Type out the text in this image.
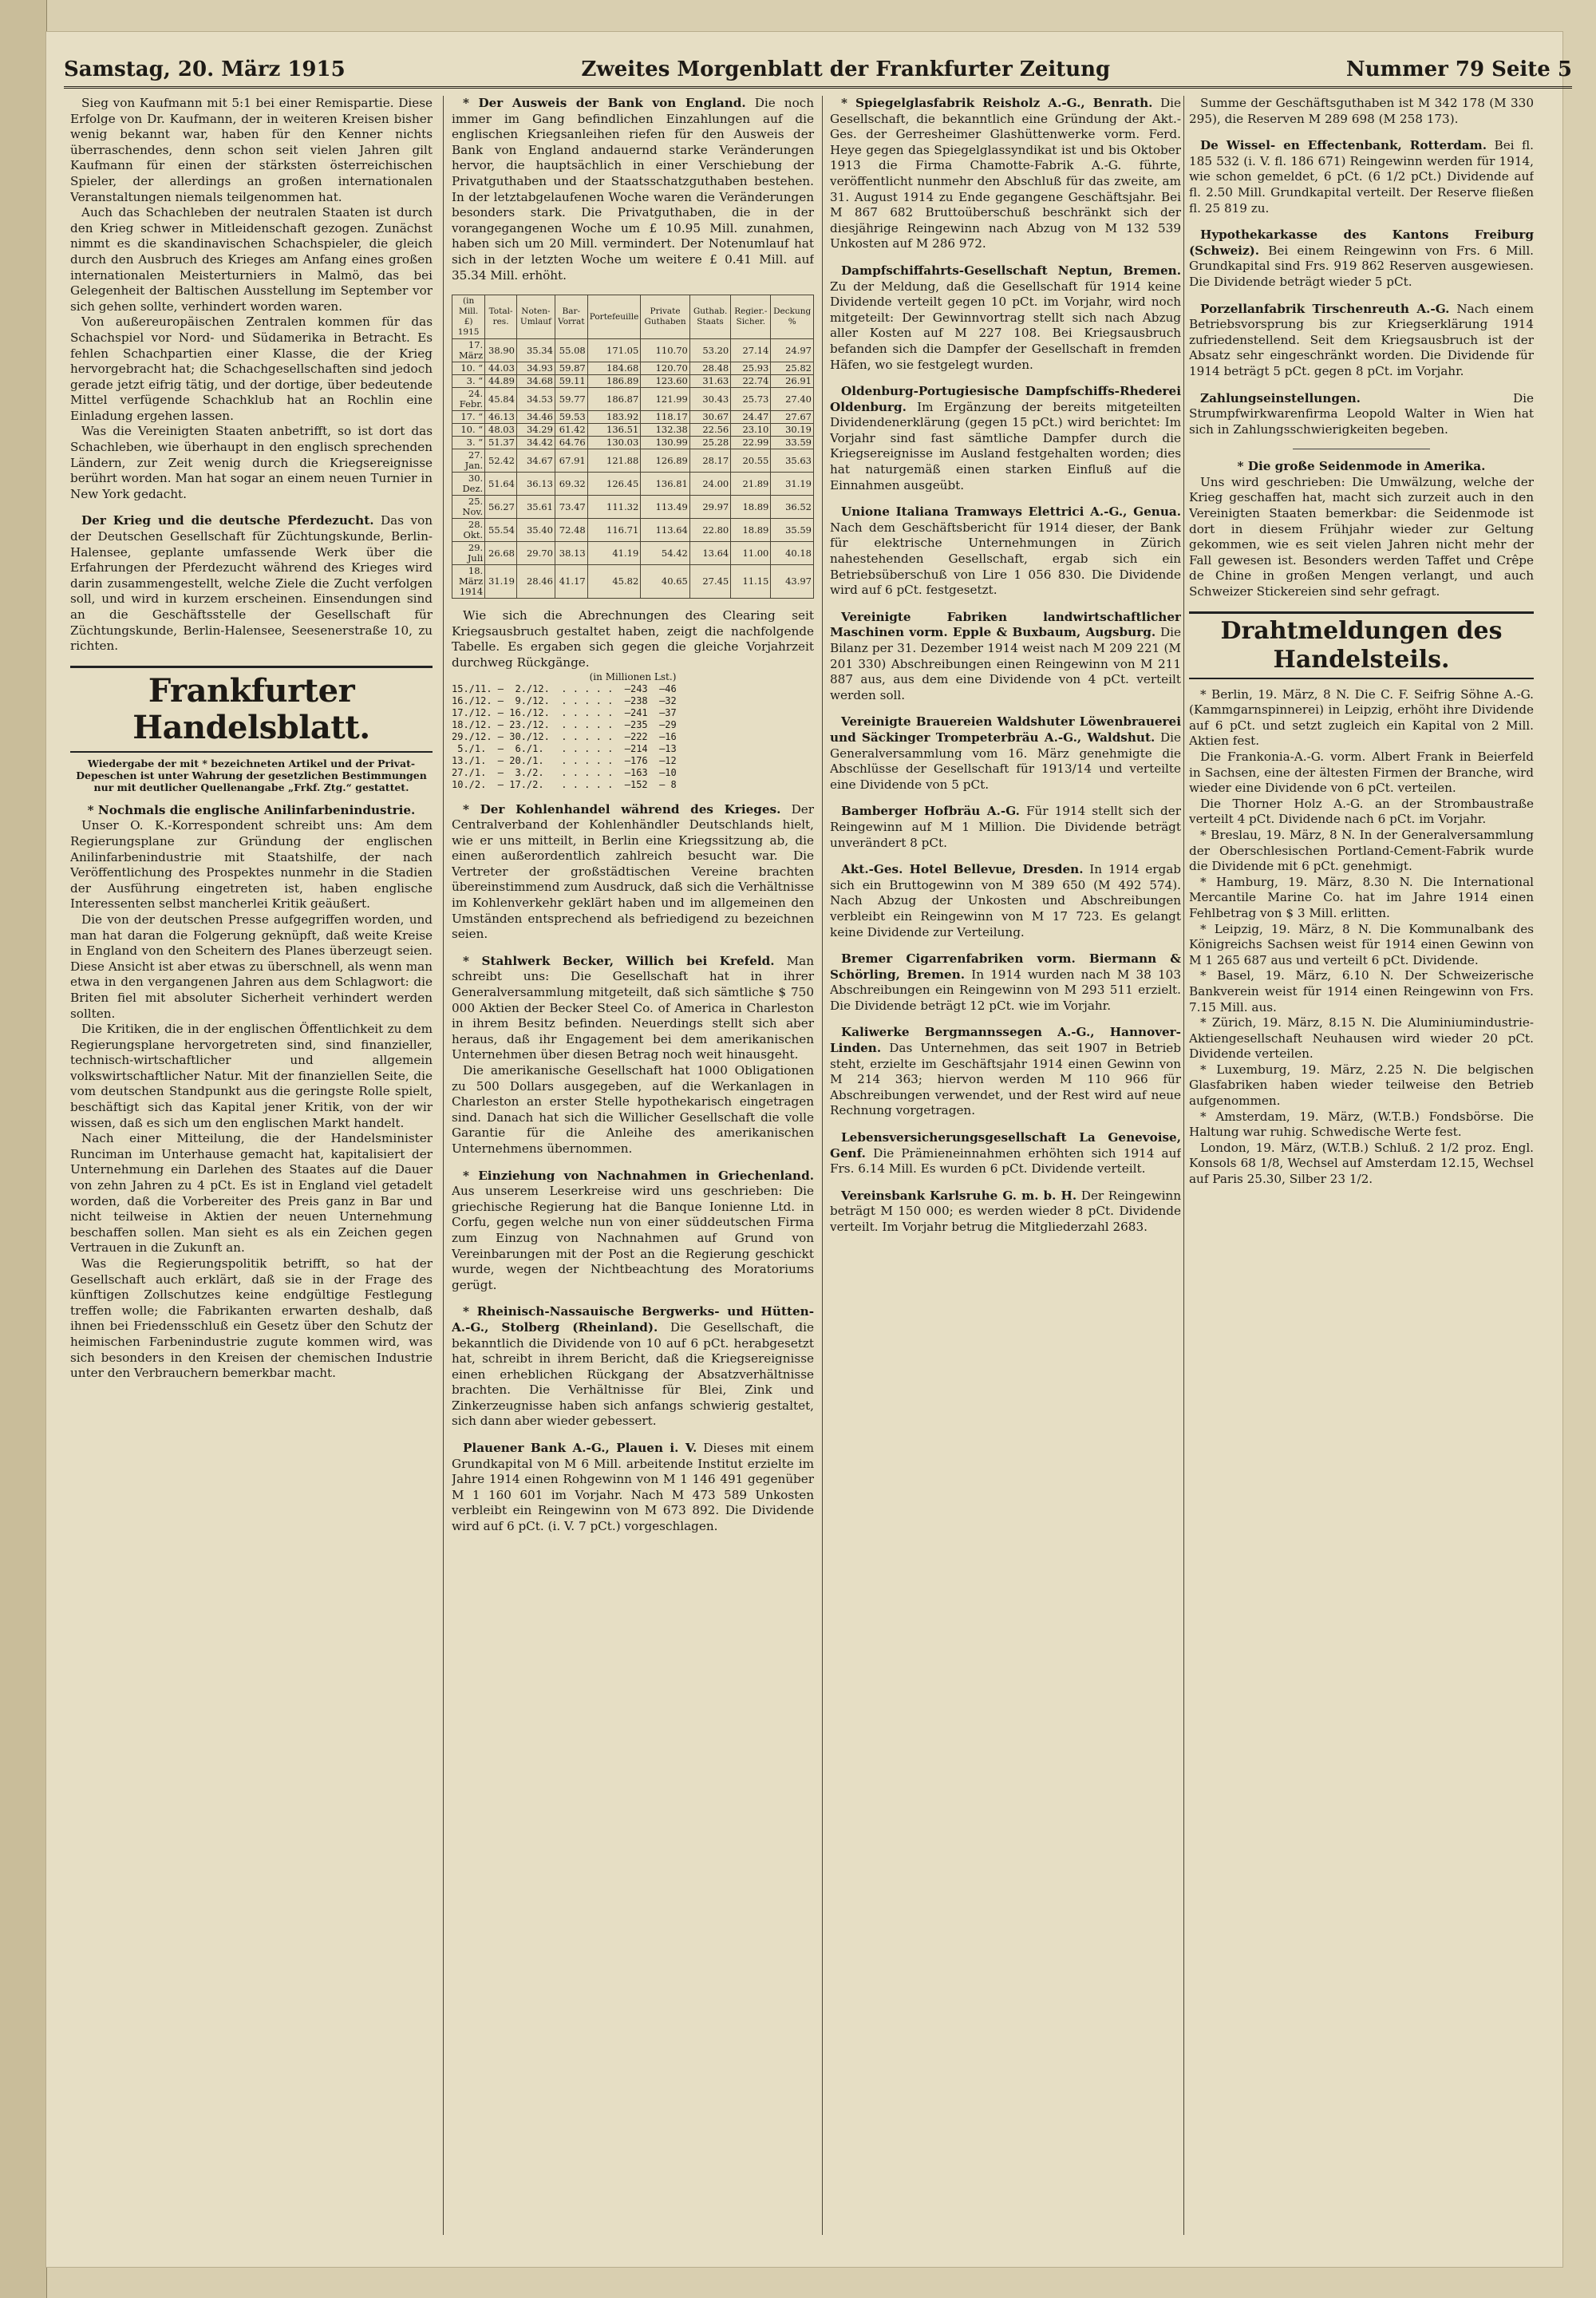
Samstag, 20. März 1915	Zweites Morgenblatt der Frankfurter Zeitung	Nummer 79 Seite 5

Sieg von Kaufmann mit 5:1 bei einer Remispartie. Diese Erfolge von Dr. Kaufmann, der in weiteren Kreisen bisher wenig bekannt war, haben für den Kenner nichts überraschendes, denn schon seit vielen Jahren gilt Kaufmann für einen der stärksten österreichischen Spieler, der allerdings an großen internationalen Veranstaltungen niemals teilgenommen hat.

Auch das Schachleben der neutralen Staaten ist durch den Krieg schwer in Mitleidenschaft gezogen. Zunächst nimmt es die skandinavischen Schachspieler, die gleich durch den Ausbruch des Krieges am Anfang eines großen internationalen Meisterturniers in Malmö, das bei Gelegenheit der Baltischen Ausstellung im September vor sich gehen sollte, verhindert worden waren.

Von außereuropäischen Zentralen kommen für das Schachspiel vor Nord- und Südamerika in Betracht. Es fehlen Schachpartien einer Klasse, die der Krieg hervorgebracht hat; die Schachgesellschaften sind jedoch gerade jetzt eifrig tätig, und der dortige, über bedeutende Mittel verfügende Schachklub hat an Rochlin eine Einladung ergehen lassen.

Was die Vereinigten Staaten anbetrifft, so ist dort das Schachleben, wie überhaupt in den englisch sprechenden Ländern, zur Zeit wenig durch die Kriegsereignisse berührt worden. Man hat sogar an einem neuen Turnier in New York gedacht.

Der Krieg und die deutsche Pferdezucht. Das von der Deutschen Gesellschaft für Züchtungskunde, Berlin-Halensee, geplante umfassende Werk über die Erfahrungen der Pferdezucht während des Krieges wird darin zusammengestellt, welche Ziele die Zucht verfolgen soll, und wird in kurzem erscheinen. Einsendungen sind an die Geschäftsstelle der Gesellschaft für Züchtungskunde, Berlin-Halensee, Seesenerstraße 10, zu richten.

Frankfurter Handelsblatt.
Wiedergabe der mit * bezeichneten Artikel und der Privat-Depeschen ist unter Wahrung der gesetzlichen Bestimmungen nur mit deutlicher Quellenangabe „Frkf. Ztg.“ gestattet.

* Nochmals die englische Anilinfarbenindustrie.

Unser O. K.-Korrespondent schreibt uns: Am dem Regierungsplane zur Gründung der englischen Anilinfarbenindustrie mit Staatshilfe, der nach Veröffentlichung des Prospektes nunmehr in die Stadien der Ausführung eingetreten ist, haben englische Interessenten selbst mancherlei Kritik geäußert.

Die von der deutschen Presse aufgegriffen worden, und man hat daran die Folgerung geknüpft, daß weite Kreise in England von den Scheitern des Planes überzeugt seien. Diese Ansicht ist aber etwas zu überschnell, als wenn man etwa in den vergangenen Jahren aus dem Schlagwort: die Briten fiel mit absoluter Sicherheit verhindert werden sollten.

Die Kritiken, die in der englischen Öffentlichkeit zu dem Regierungsplane hervorgetreten sind, sind finanzieller, technisch-wirtschaftlicher und allgemein volkswirtschaftlicher Natur. Mit der finanziellen Seite, die vom deutschen Standpunkt aus die geringste Rolle spielt, beschäftigt sich das Kapital jener Kritik, von der wir wissen, daß es sich um den englischen Markt handelt.

Nach einer Mitteilung, die der Handelsminister Runciman im Unterhause gemacht hat, kapitalisiert der Unternehmung ein Darlehen des Staates auf die Dauer von zehn Jahren zu 4 pCt. Es ist in England viel getadelt worden, daß die Vorbereiter des Preis ganz in Bar und nicht teilweise in Aktien der neuen Unternehmung beschaffen sollen. Man sieht es als ein Zeichen gegen Vertrauen in die Zukunft an.

Was die Regierungspolitik betrifft, so hat der Gesellschaft auch erklärt, daß sie in der Frage des künftigen Zollschutzes keine endgültige Festlegung treffen wolle; die Fabrikanten erwarten deshalb, daß ihnen bei Friedensschluß ein Gesetz über den Schutz der heimischen Farbenindustrie zugute kommen wird, was sich besonders in den Kreisen der chemischen Industrie unter den Verbrauchern bemerkbar macht.

* Der Ausweis der Bank von England. Die noch immer im Gang befindlichen Einzahlungen auf die englischen Kriegsanleihen riefen für den Ausweis der Bank von England andauernd starke Veränderungen hervor, die hauptsächlich in einer Verschiebung der Privatguthaben und der Staatsschatzguthaben bestehen. In der letztabgelaufenen Woche waren die Veränderungen besonders stark. Die Privatguthaben, die in der vorangegangenen Woche um £ 10.95 Mill. zunahmen, haben sich um 20 Mill. vermindert. Der Notenumlauf hat sich in der letzten Woche um weitere £ 0.41 Mill. auf 35.34 Mill. erhöht.

(in Mill. £) 1915	Total-res.	Noten-Umlauf	Bar-Vorrat	Portefeuille	Private Guthaben	Guthab. Staats	Regier.-Sicher.	Deckung %
17. März	38.90	35.34	55.08	171.05	110.70	53.20	27.14	24.97
10. “	44.03	34.93	59.87	184.68	120.70	28.48	25.93	25.82
3. “	44.89	34.68	59.11	186.89	123.60	31.63	22.74	26.91
24. Febr.	45.84	34.53	59.77	186.87	121.99	30.43	25.73	27.40
17. “	46.13	34.46	59.53	183.92	118.17	30.67	24.47	27.67
10. “	48.03	34.29	61.42	136.51	132.38	22.56	23.10	30.19
3. “	51.37	34.42	64.76	130.03	130.99	25.28	22.99	33.59
27. Jan.	52.42	34.67	67.91	121.88	126.89	28.17	20.55	35.63
30. Dez.	51.64	36.13	69.32	126.45	136.81	24.00	21.89	31.19
25. Nov.	56.27	35.61	73.47	111.32	113.49	29.97	18.89	36.52
28. Okt.	55.54	35.40	72.48	116.71	113.64	22.80	18.89	35.59
29. Juli	26.68	29.70	38.13	41.19	54.42	13.64	11.00	40.18
18. März 1914	31.19	28.46	41.17	45.82	40.65	27.45	11.15	43.97

Wie sich die Abrechnungen des Clearing seit Kriegsausbruch gestaltet haben, zeigt die nachfolgende Tabelle. Es ergaben sich gegen die gleiche Vorjahrzeit durchweg Rückgänge.

(in Millionen Lst.)
15./11. —  2./12.  . . . . .  —243  —46
16./12. —  9./12.  . . . . .  —238  —32
17./12. — 16./12.  . . . . .  —241  —37
18./12. — 23./12.  . . . . .  —235  —29
29./12. — 30./12.  . . . . .  —222  —16
5./1.  —  6./1.   . . . . .  —214  —13
13./1.  — 20./1.   . . . . .  —176  —12
27./1.  —  3./2.   . . . . .  —163  —10
10./2.  — 17./2.   . . . . .  —152  — 8

* Der Kohlenhandel während des Krieges. Der Centralverband der Kohlenhändler Deutschlands hielt, wie er uns mitteilt, in Berlin eine Kriegssitzung ab, die einen außerordentlich zahlreich besucht war. Die Vertreter der großstädtischen Vereine brachten übereinstimmend zum Ausdruck, daß sich die Verhältnisse im Kohlenverkehr geklärt haben und im allgemeinen den Umständen entsprechend als befriedigend zu bezeichnen seien.

* Stahlwerk Becker, Willich bei Krefeld. Man schreibt uns: Die Gesellschaft hat in ihrer Generalversammlung mitgeteilt, daß sich sämtliche $ 750 000 Aktien der Becker Steel Co. of America in Charleston in ihrem Besitz befinden. Neuerdings stellt sich aber heraus, daß ihr Engagement bei dem amerikanischen Unternehmen über diesen Betrag noch weit hinausgeht.

Die amerikanische Gesellschaft hat 1000 Obligationen zu 500 Dollars ausgegeben, auf die Werkanlagen in Charleston an erster Stelle hypothekarisch eingetragen sind. Danach hat sich die Willicher Gesellschaft die volle Garantie für die Anleihe des amerikanischen Unternehmens übernommen.

* Einziehung von Nachnahmen in Griechenland. Aus unserem Leserkreise wird uns geschrieben: Die griechische Regierung hat die Banque Ionienne Ltd. in Corfu, gegen welche nun von einer süddeutschen Firma zum Einzug von Nachnahmen auf Grund von Vereinbarungen mit der Post an die Regierung geschickt wurde, wegen der Nichtbeachtung des Moratoriums gerügt.

* Rheinisch-Nassauische Bergwerks- und Hütten-A.-G., Stolberg (Rheinland). Die Gesellschaft, die bekanntlich die Dividende von 10 auf 6 pCt. herabgesetzt hat, schreibt in ihrem Bericht, daß die Kriegsereignisse einen erheblichen Rückgang der Absatzverhältnisse brachten. Die Verhältnisse für Blei, Zink und Zinkerzeugnisse haben sich anfangs schwierig gestaltet, sich dann aber wieder gebessert.

Plauener Bank A.-G., Plauen i. V. Dieses mit einem Grundkapital von M 6 Mill. arbeitende Institut erzielte im Jahre 1914 einen Rohgewinn von M 1 146 491 gegenüber M 1 160 601 im Vorjahr. Nach M 473 589 Unkosten verbleibt ein Reingewinn von M 673 892. Die Dividende wird auf 6 pCt. (i. V. 7 pCt.) vorgeschlagen.

* Spiegelglasfabrik Reisholz A.-G., Benrath. Die Gesellschaft, die bekanntlich eine Gründung der Akt.-Ges. der Gerresheimer Glashüttenwerke vorm. Ferd. Heye gegen das Spiegelglassyndikat ist und bis Oktober 1913 die Firma Chamotte-Fabrik A.-G. führte, veröffentlicht nunmehr den Abschluß für das zweite, am 31. August 1914 zu Ende gegangene Geschäftsjahr. Bei M 867 682 Bruttoüberschuß beschränkt sich der diesjährige Reingewinn nach Abzug von M 132 539 Unkosten auf M 286 972.

Dampfschiffahrts-Gesellschaft Neptun, Bremen. Zu der Meldung, daß die Gesellschaft für 1914 keine Dividende verteilt gegen 10 pCt. im Vorjahr, wird noch mitgeteilt: Der Gewinnvortrag stellt sich nach Abzug aller Kosten auf M 227 108. Bei Kriegsausbruch befanden sich die Dampfer der Gesellschaft in fremden Häfen, wo sie festgelegt wurden.

Oldenburg-Portugiesische Dampfschiffs-Rhederei Oldenburg. Im Ergänzung der bereits mitgeteilten Dividendenerklärung (gegen 15 pCt.) wird berichtet: Im Vorjahr sind fast sämtliche Dampfer durch die Kriegsereignisse im Ausland festgehalten worden; dies hat naturgemäß einen starken Einfluß auf die Einnahmen ausgeübt.

Unione Italiana Tramways Elettrici A.-G., Genua. Nach dem Geschäftsbericht für 1914 dieser, der Bank für elektrische Unternehmungen in Zürich nahestehenden Gesellschaft, ergab sich ein Betriebsüberschuß von Lire 1 056 830. Die Dividende wird auf 6 pCt. festgesetzt.

Vereinigte Fabriken landwirtschaftlicher Maschinen vorm. Epple & Buxbaum, Augsburg. Die Bilanz per 31. Dezember 1914 weist nach M 209 221 (M 201 330) Abschreibungen einen Reingewinn von M 211 887 aus, aus dem eine Dividende von 4 pCt. verteilt werden soll.

Vereinigte Brauereien Waldshuter Löwenbrauerei und Säckinger Trompeterbräu A.-G., Waldshut. Die Generalversammlung vom 16. März genehmigte die Abschlüsse der Gesellschaft für 1913/14 und verteilte eine Dividende von 5 pCt.

Bamberger Hofbräu A.-G. Für 1914 stellt sich der Reingewinn auf M 1 Million. Die Dividende beträgt unverändert 8 pCt.

Akt.-Ges. Hotel Bellevue, Dresden. In 1914 ergab sich ein Bruttogewinn von M 389 650 (M 492 574). Nach Abzug der Unkosten und Abschreibungen verbleibt ein Reingewinn von M 17 723. Es gelangt keine Dividende zur Verteilung.

Bremer Cigarrenfabriken vorm. Biermann & Schörling, Bremen. In 1914 wurden nach M 38 103 Abschreibungen ein Reingewinn von M 293 511 erzielt. Die Dividende beträgt 12 pCt. wie im Vorjahr.

Kaliwerke Bergmannssegen A.-G., Hannover-Linden. Das Unternehmen, das seit 1907 in Betrieb steht, erzielte im Geschäftsjahr 1914 einen Gewinn von M 214 363; hiervon werden M 110 966 für Abschreibungen verwendet, und der Rest wird auf neue Rechnung vorgetragen.

Lebensversicherungsgesellschaft La Genevoise, Genf. Die Prämieneinnahmen erhöhten sich 1914 auf Frs. 6.14 Mill. Es wurden 6 pCt. Dividende verteilt.

Vereinsbank Karlsruhe G. m. b. H. Der Reingewinn beträgt M 150 000; es werden wieder 8 pCt. Dividende verteilt. Im Vorjahr betrug die Mitgliederzahl 2683.

Summe der Geschäftsguthaben ist M 342 178 (M 330 295), die Reserven M 289 698 (M 258 173).

De Wissel- en Effectenbank, Rotterdam. Bei fl. 185 532 (i. V. fl. 186 671) Reingewinn werden für 1914, wie schon gemeldet, 6 pCt. (6 1/2 pCt.) Dividende auf fl. 2.50 Mill. Grundkapital verteilt. Der Reserve fließen fl. 25 819 zu.

Hypothekarkasse des Kantons Freiburg (Schweiz). Bei einem Reingewinn von Frs. 6 Mill. Grundkapital sind Frs. 919 862 Reserven ausgewiesen. Die Dividende beträgt wieder 5 pCt.

Porzellanfabrik Tirschenreuth A.-G. Nach einem Betriebsvorsprung bis zur Kriegserklärung 1914 zufriedenstellend. Seit dem Kriegsausbruch ist der Absatz sehr eingeschränkt worden. Die Dividende für 1914 beträgt 5 pCt. gegen 8 pCt. im Vorjahr.

Zahlungseinstellungen.	Die Strumpfwirkwarenfirma Leopold Walter in Wien hat sich in Zahlungsschwierigkeiten begeben.

* Die große Seidenmode in Amerika.

Uns wird geschrieben: Die Umwälzung, welche der Krieg geschaffen hat, macht sich zurzeit auch in den Vereinigten Staaten bemerkbar: die Seidenmode ist dort in diesem Frühjahr wieder zur Geltung gekommen, wie es seit vielen Jahren nicht mehr der Fall gewesen ist. Besonders werden Taffet und Crêpe de Chine in großen Mengen verlangt, und auch Schweizer Stickereien sind sehr gefragt.

Drahtmeldungen des Handelsteils.

* Berlin, 19. März, 8 N. Die C. F. Seifrig Söhne A.-G. (Kammgarnspinnerei) in Leipzig, erhöht ihre Dividende auf 6 pCt. und setzt zugleich ein Kapital von 2 Mill. Aktien fest.

Die Frankonia-A.-G. vorm. Albert Frank in Beierfeld in Sachsen, eine der ältesten Firmen der Branche, wird wieder eine Dividende von 6 pCt. verteilen.

Die Thorner Holz A.-G. an der Strombaustraße verteilt 4 pCt. Dividende nach 6 pCt. im Vorjahr.

* Breslau, 19. März, 8 N. In der Generalversammlung der Oberschlesischen Portland-Cement-Fabrik wurde die Dividende mit 6 pCt. genehmigt.

* Hamburg, 19. März, 8.30 N. Die International Mercantile Marine Co. hat im Jahre 1914 einen Fehlbetrag von $ 3 Mill. erlitten.

* Leipzig, 19. März, 8 N. Die Kommunalbank des Königreichs Sachsen weist für 1914 einen Gewinn von M 1 265 687 aus und verteilt 6 pCt. Dividende.

* Basel, 19. März, 6.10 N. Der Schweizerische Bankverein weist für 1914 einen Reingewinn von Frs. 7.15 Mill. aus.

* Zürich, 19. März, 8.15 N. Die Aluminiumindustrie-Aktiengesellschaft Neuhausen wird wieder 20 pCt. Dividende verteilen.

* Luxemburg, 19. März, 2.25 N. Die belgischen Glasfabriken haben wieder teilweise den Betrieb aufgenommen.

* Amsterdam, 19. März, (W.T.B.) Fondsbörse. Die Haltung war ruhig. Schwedische Werte fest.

London, 19. März, (W.T.B.) Schluß. 2 1/2 proz. Engl. Konsols 68 1/8, Wechsel auf Amsterdam 12.15, Wechsel auf Paris 25.30, Silber 23 1/2.
